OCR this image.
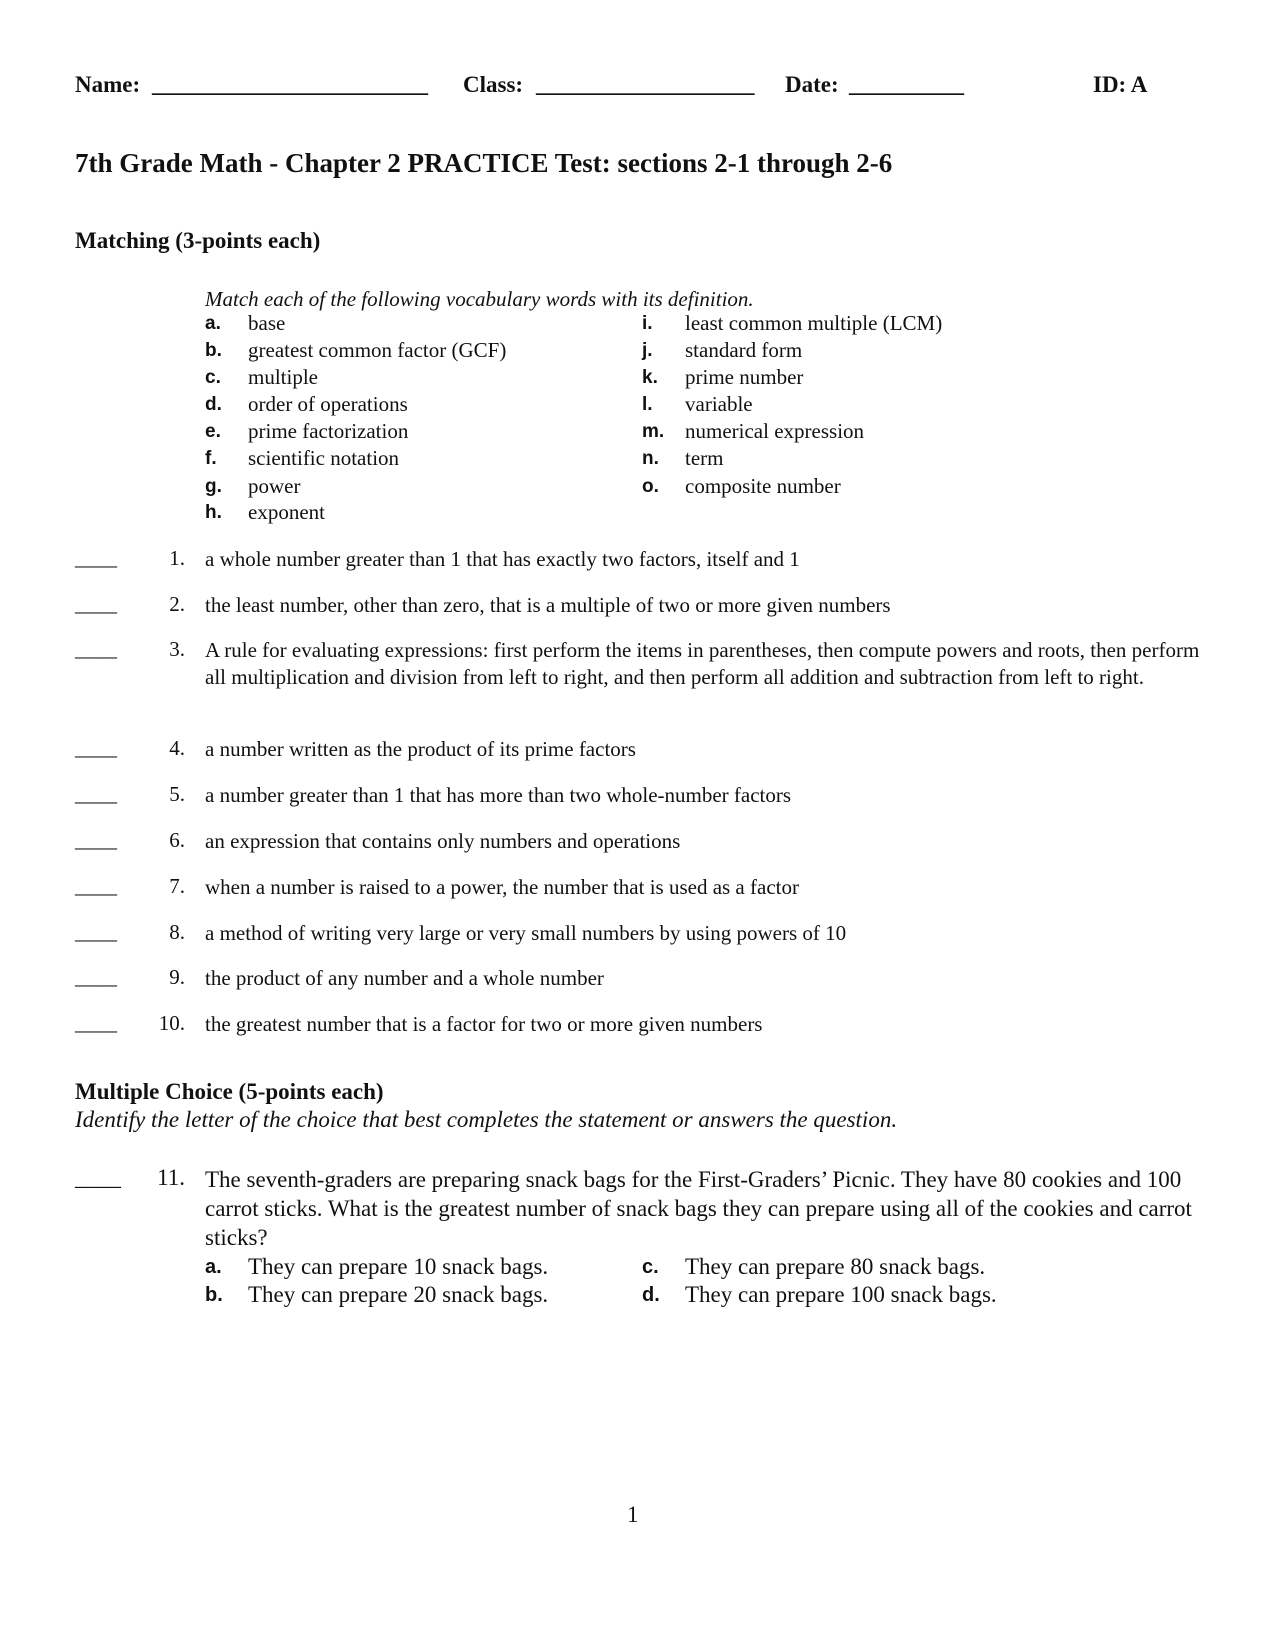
Name: ________________________ Class: ___________________ Date: __________	ID: A
7th Grade Math - Chapter 2 PRACTICE Test: sections 2-1 through 2-6
Matching (3-points each)
Match each of the following vocabulary words with its definition.
a. base
b. greatest common factor (GCF)
c. multiple
d. order of operations
e. prime factorization
f. scientific notation
g. power
h. exponent
i. least common multiple (LCM)
j. standard form
k. prime number
l. variable
m. numerical expression
n. term
o. composite number
____	1. a whole number greater than 1 that has exactly two factors, itself and 1
____	2. the least number, other than zero, that is a multiple of two or more given numbers
____	3. A rule for evaluating expressions: first perform the items in parentheses, then compute powers and roots, then perform all multiplication and division from left to right, and then perform all addition and subtraction from left to right.
____	4. a number written as the product of its prime factors
____	5. a number greater than 1 that has more than two whole-number factors
____	6. an expression that contains only numbers and operations
____	7. when a number is raised to a power, the number that is used as a factor
____	8. a method of writing very large or very small numbers by using powers of 10
____	9. the product of any number and a whole number
____	10. the greatest number that is a factor for two or more given numbers
Multiple Choice (5-points each)
Identify the letter of the choice that best completes the statement or answers the question.
____	11. The seventh-graders are preparing snack bags for the First-Graders’ Picnic. They have 80 cookies and 100 carrot sticks. What is the greatest number of snack bags they can prepare using all of the cookies and carrot sticks?
a. They can prepare 10 snack bags.
b. They can prepare 20 snack bags.
c. They can prepare 80 snack bags.
d. They can prepare 100 snack bags.
1
